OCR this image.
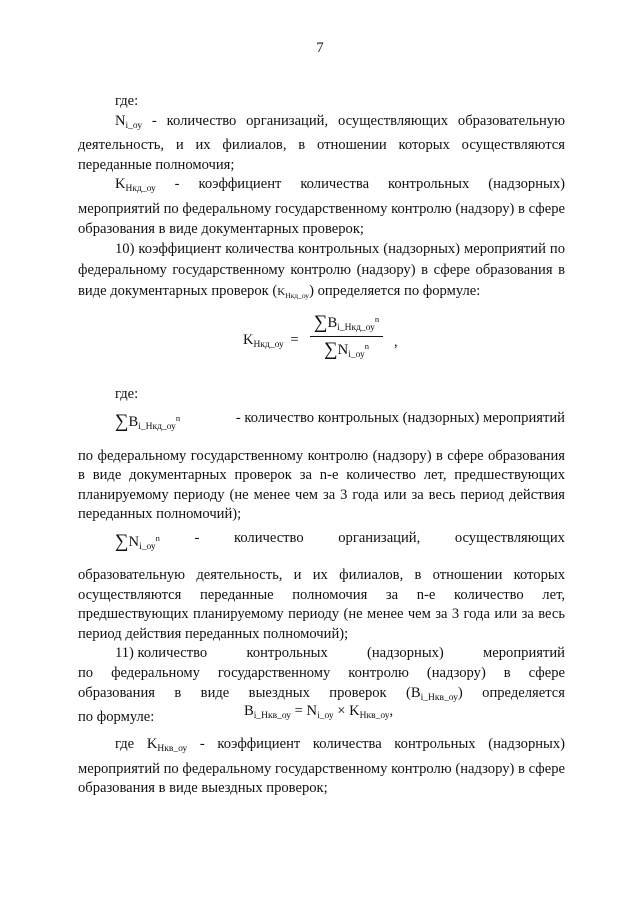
7

где:

$N_{i\_оу}$ - количество организаций, осуществляющих образовательную деятельность, и их филиалов, в отношении которых осуществляются переданные полномочия;

$K_{Нкд\_оу}$ - коэффициент количества контрольных (надзорных)

мероприятий по федеральному государственному контролю (надзору) в сфере образования в виде документарных проверок;

10) коэффициент количества контрольных (надзорных) мероприятий по федеральному государственному контролю (надзору) в сфере образования в виде документарных проверок $(K_{Нкд\_оу})$ определяется по формуле:

$K_{Нкд\_оу}$ =
$\sum B_{i\_Нкд\_оу}^n$
$\sum N_{i\_оу}^n$	,

где:

$\sum B_{i\_Нкд\_оу}^n$	- количество контрольных (надзорных) мероприятий

по федеральному государственному контролю (надзору) в сфере образования в виде документарных проверок за n-е количество лет, предшествующих планируемому периоду (не менее чем за 3 года или за весь период действия переданных полномочий);

$\sum N_{i\_оу}^n$ - количество организаций, осуществляющих

образовательную деятельность, и их филиалов, в отношении которых осуществляются переданные полномочия за n-е количество лет, предшествующих планируемому периоду (не менее чем за 3 года или за весь период действия переданных полномочий);

11) количество	контрольных	(надзорных)	мероприятий

по федеральному государственному контролю (надзору) в сфере

образования в виде выездных проверок $(B_{i\_Нкв\_оу})$ определяется

по формуле:	$B_{i\_Нкв\_оу} = N_{i\_оу} \times K_{Нкв\_оу}$,

где $K_{Нкв\_оу}$ - коэффициент количества контрольных (надзорных) мероприятий по федеральному государственному контролю (надзору) в сфере образования в виде выездных проверок;
